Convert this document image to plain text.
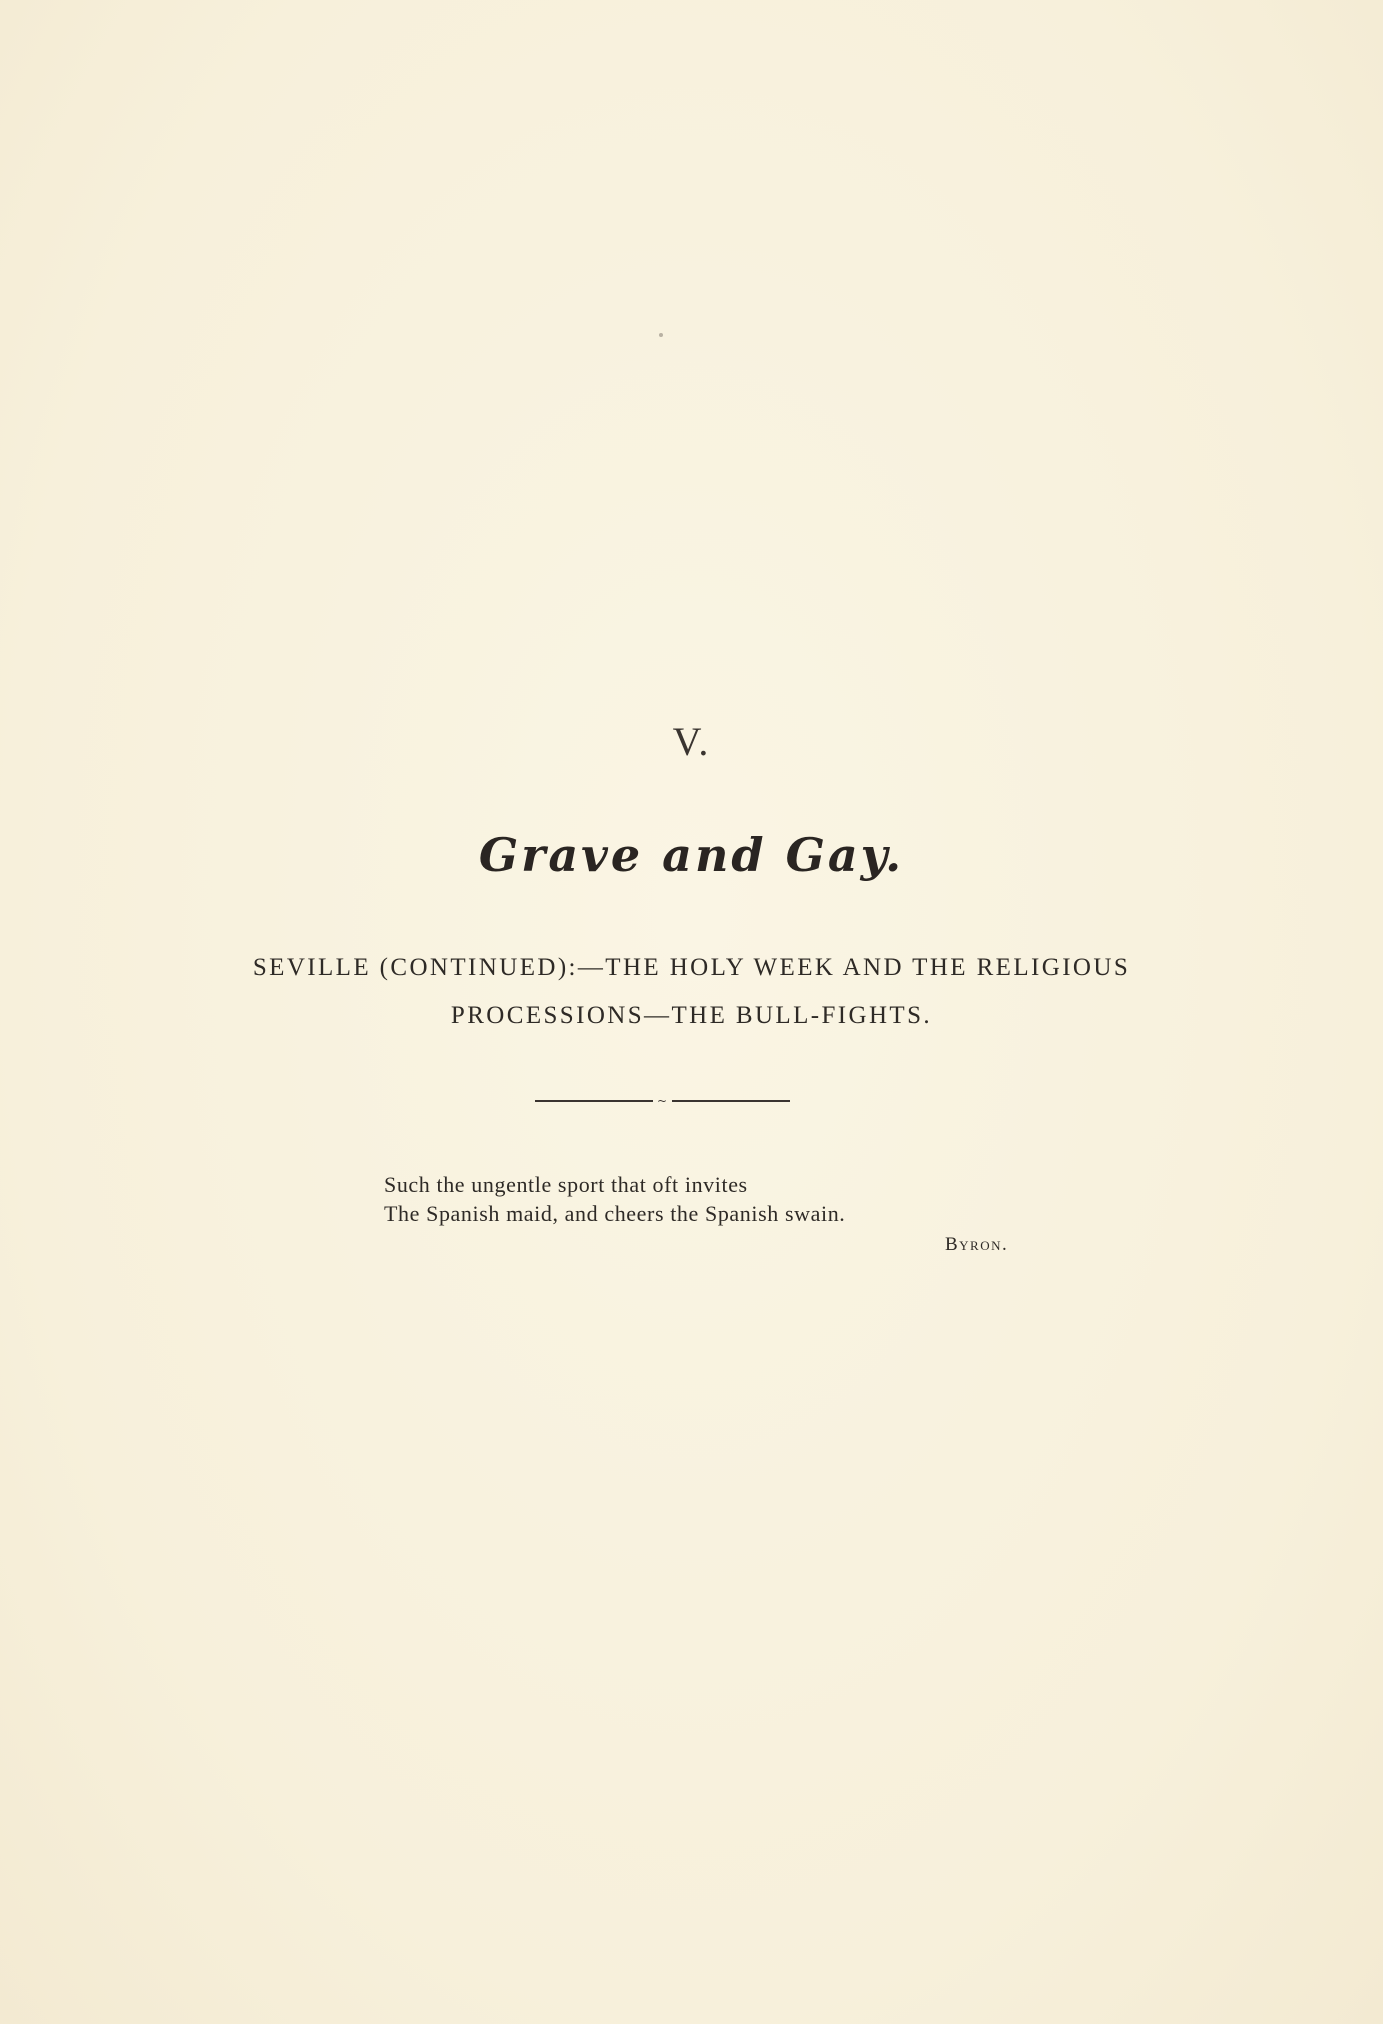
V.
Grave and Gay.
SEVILLE (CONTINUED):—THE HOLY WEEK AND THE RELIGIOUS
PROCESSIONS—THE BULL-FIGHTS.
~
Such the ungentle sport that oft invites
The Spanish maid, and cheers the Spanish swain.
Byron.
